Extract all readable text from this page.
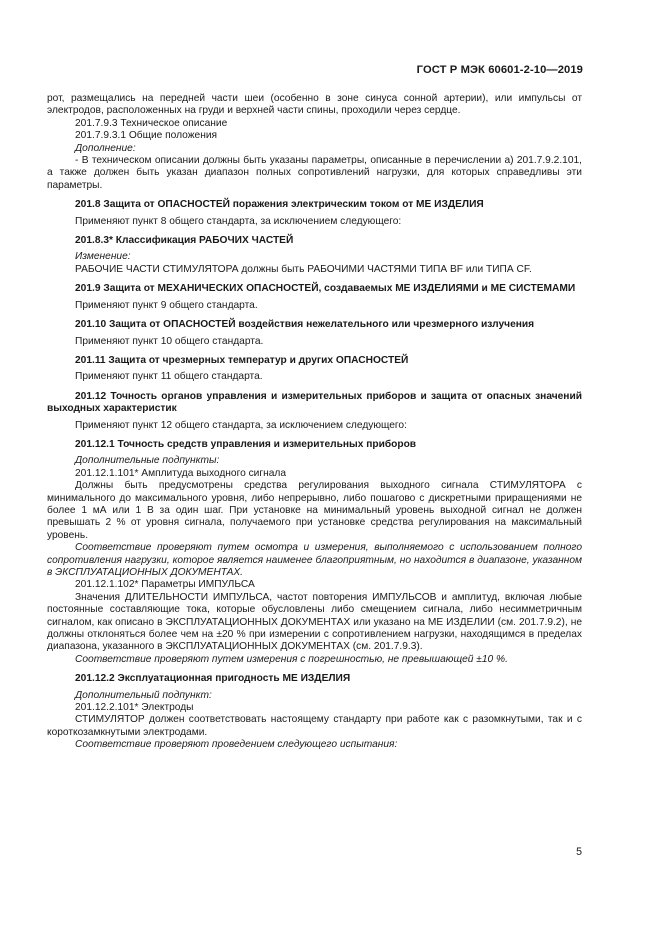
ГОСТ Р МЭК 60601-2-10—2019

рот, размещались на передней части шеи (особенно в зоне синуса сонной артерии), или импульсы от электродов, расположенных на груди и верхней части спины, проходили через сердце.

201.7.9.3 Техническое описание

201.7.9.3.1 Общие положения

Дополнение:

- В техническом описании должны быть указаны параметры, описанные в перечислении а) 201.7.9.2.101, а также должен быть указан диапазон полных сопротивлений нагрузки, для которых справедливы эти параметры.

201.8 Защита от ОПАСНОСТЕЙ поражения электрическим током от МЕ ИЗДЕЛИЯ

Применяют пункт 8 общего стандарта, за исключением следующего:

201.8.3* Классификация РАБОЧИХ ЧАСТЕЙ

Изменение:

РАБОЧИЕ ЧАСТИ СТИМУЛЯТОРА должны быть РАБОЧИМИ ЧАСТЯМИ ТИПА BF или ТИПА CF.

201.9 Защита от МЕХАНИЧЕСКИХ ОПАСНОСТЕЙ, создаваемых МЕ ИЗДЕЛИЯМИ и МЕ СИСТЕМАМИ

Применяют пункт 9 общего стандарта.

201.10 Защита от ОПАСНОСТЕЙ воздействия нежелательного или чрезмерного излучения

Применяют пункт 10 общего стандарта.

201.11 Защита от чрезмерных температур и других ОПАСНОСТЕЙ

Применяют пункт 11 общего стандарта.

201.12 Точность органов управления и измерительных приборов и защита от опасных значений выходных характеристик

Применяют пункт 12 общего стандарта, за исключением следующего:

201.12.1 Точность средств управления и измерительных приборов

Дополнительные подпункты:

201.12.1.101* Амплитуда выходного сигнала

Должны быть предусмотрены средства регулирования выходного сигнала СТИМУЛЯТОРА с минимального до максимального уровня, либо непрерывно, либо пошагово с дискретными приращениями не более 1 мА или 1 В за один шаг. При установке на минимальный уровень выходной сигнал не должен превышать 2 % от уровня сигнала, получаемого при установке средства регулирования на максимальный уровень.

Соответствие проверяют путем осмотра и измерения, выполняемого с использованием полного сопротивления нагрузки, которое является наименее благоприятным, но находится в диапазоне, указанном в ЭКСПЛУАТАЦИОННЫХ ДОКУМЕНТАХ.

201.12.1.102* Параметры ИМПУЛЬСА

Значения ДЛИТЕЛЬНОСТИ ИМПУЛЬСА, частот повторения ИМПУЛЬСОВ и амплитуд, включая любые постоянные составляющие тока, которые обусловлены либо смещением сигнала, либо несимметричным сигналом, как описано в ЭКСПЛУАТАЦИОННЫХ ДОКУМЕНТАХ или указано на МЕ ИЗДЕЛИИ (см. 201.7.9.2), не должны отклоняться более чем на ±20 % при измерении с сопротивлением нагрузки, находящимся в пределах диапазона, указанного в ЭКСПЛУАТАЦИОННЫХ ДОКУМЕНТАХ (см. 201.7.9.3).

Соответствие проверяют путем измерения с погрешностью, не превышающей ±10 %.

201.12.2 Эксплуатационная пригодность МЕ ИЗДЕЛИЯ

Дополнительный подпункт:

201.12.2.101* Электроды

СТИМУЛЯТОР должен соответствовать настоящему стандарту при работе как с разомкнутыми, так и с короткозамкнутыми электродами.

Соответствие проверяют проведением следующего испытания:

5
